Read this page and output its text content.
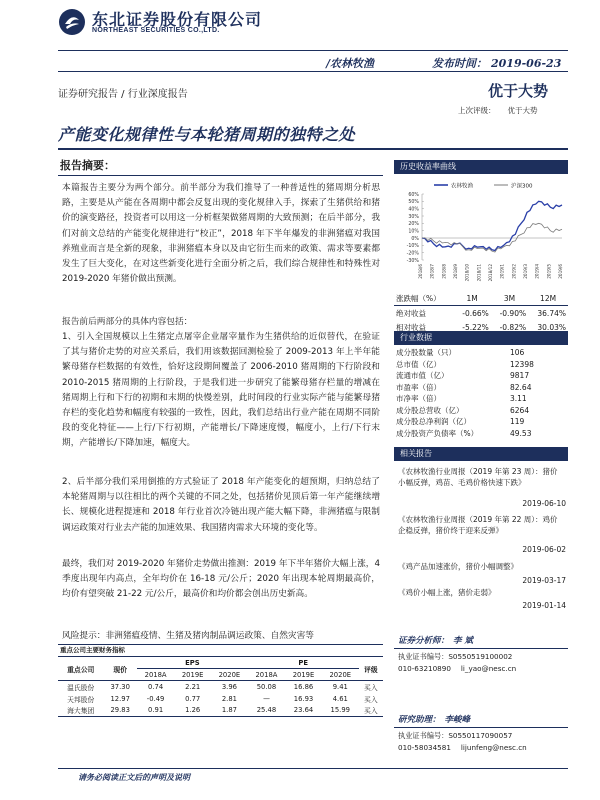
东北证券股份有限公司
NORTHEAST SECURITIES CO.,LTD.
/农林牧渔	发布时间： 2019-06-23
证券研究报告 / 行业深度报告	优于大势
上次评级： 优于大势
产能变化规律性与本轮猪周期的独特之处
报告摘要：
本篇报告主要分为两个部分。前半部分为我们推导了一种普适性的猪周期分析思路，主要是从产能在各周期中都会反复出现的变化规律入手，探索了生猪供给和猪价的演变路径，投资者可以用这一分析框架做猪周期的大致预测；在后半部分，我们对前文总结的产能变化规律进行“校正”，2018 年下半年爆发的非洲猪瘟对我国养殖业而言是全新的现象，非洲猪瘟本身以及由它衍生而来的政策、需求等要素都发生了巨大变化，在对这些新变化进行全面分析之后，我们综合规律性和特殊性对 2019-2020 年猪价做出预测。
报告前后两部分的具体内容包括：
1、引入全国规模以上生猪定点屠宰企业屠宰量作为生猪供给的近似替代，在验证了其与猪价走势的对应关系后，我们用该数据回测检验了 2009-2013 年上半年能繁母猪存栏数据的有效性，恰好这段期间覆盖了 2006-2010 猪周期的下行阶段和 2010-2015 猪周期的上行阶段，于是我们进一步研究了能繁母猪存栏量的增减在猪周期上行和下行的初期和末期的快慢差别，此时间段的行业实际产能与能繁母猪存栏的变化趋势和幅度有较强的一致性，因此，我们总结出行业产能在周期不同阶段的变化特征——上行/下行初期，产能增长/下降速度慢，幅度小，上行/下行末期，产能增长/下降加速，幅度大。
2、后半部分我们采用倒推的方式验证了 2018 年产能变化的超预期，归纳总结了本轮猪周期与以往相比的两个关键的不同之处，包括猪价见顶后第一年产能继续增长、规模化进程提速和 2018 年行业首次冷链出现产能大幅下降，非洲猪瘟与限制调运政策对行业去产能的加速效果、我国猪肉需求大环境的变化等。
最终，我们对 2019-2020 年猪价走势做出推测：2019 年下半年猪价大幅上涨，4 季度出现年内高点，全年均价在 16-18 元/公斤；2020 年出现本轮周期最高价，均价有望突破 21-22 元/公斤，最高价和均价都会创出历史新高。
风险提示：非洲猪瘟疫情、生猪及猪肉制品调运政策、自然灾害等
历史收益率曲线
农林牧渔	沪深300
60%
50%
40%
30%
20%
10%
0%
-10%
-20%
-30%
2018/6 2018/7 2018/8 2018/9 2018/10 2018/11 2018/12 2019/1 2019/2 2019/3 2019/4 2019/5 2019/6
涨跌幅（%）	1M	3M	12M
绝对收益	-0.66%	-0.90%	36.74%
相对收益	-5.22%	-0.82%	30.03%
行业数据
成分股数量（只）	106
总市值（亿）	12398
流通市值（亿）	9817
市盈率（倍）	82.64
市净率（倍）	3.11
成分股总营收（亿）	6264
成分股总净利润（亿）	119
成分股资产负债率（%）	49.53
相关报告
《农林牧渔行业周报（2019 年第 23 周）：猪价小幅反弹，鸡苗、毛鸡价格快速下跌》
2019-06-10
《农林牧渔行业周报（2019 年第 22 周）：鸡价企稳反弹，猪价终于迎来反弹》
2019-06-02
《鸡产品加速涨价，猪价小幅调整》
2019-03-17
《鸡价小幅上涨，猪价走弱》
2019-01-14
证券分析师： 李 斌
执业证书编号：S0550519100002
010-63210890 li_yao@nesc.cn
研究助理： 李峻峰
执业证书编号：S0550117090057
010-58034581 lijunfeng@nesc.cn
重点公司主要财务指标
重点公司	现价	EPS			PE			评级
		2018A	2019E	2020E	2018A	2019E	2020E	
温氏股份	37.30	0.74	2.21	3.96	50.08	16.86	9.41	买入
天邦股份	12.97	-0.49	0.77	2.81	—	16.93	4.61	买入
海大集团	29.83	0.91	1.26	1.87	25.48	23.64	15.99	买入
请务必阅读正文后的声明及说明
